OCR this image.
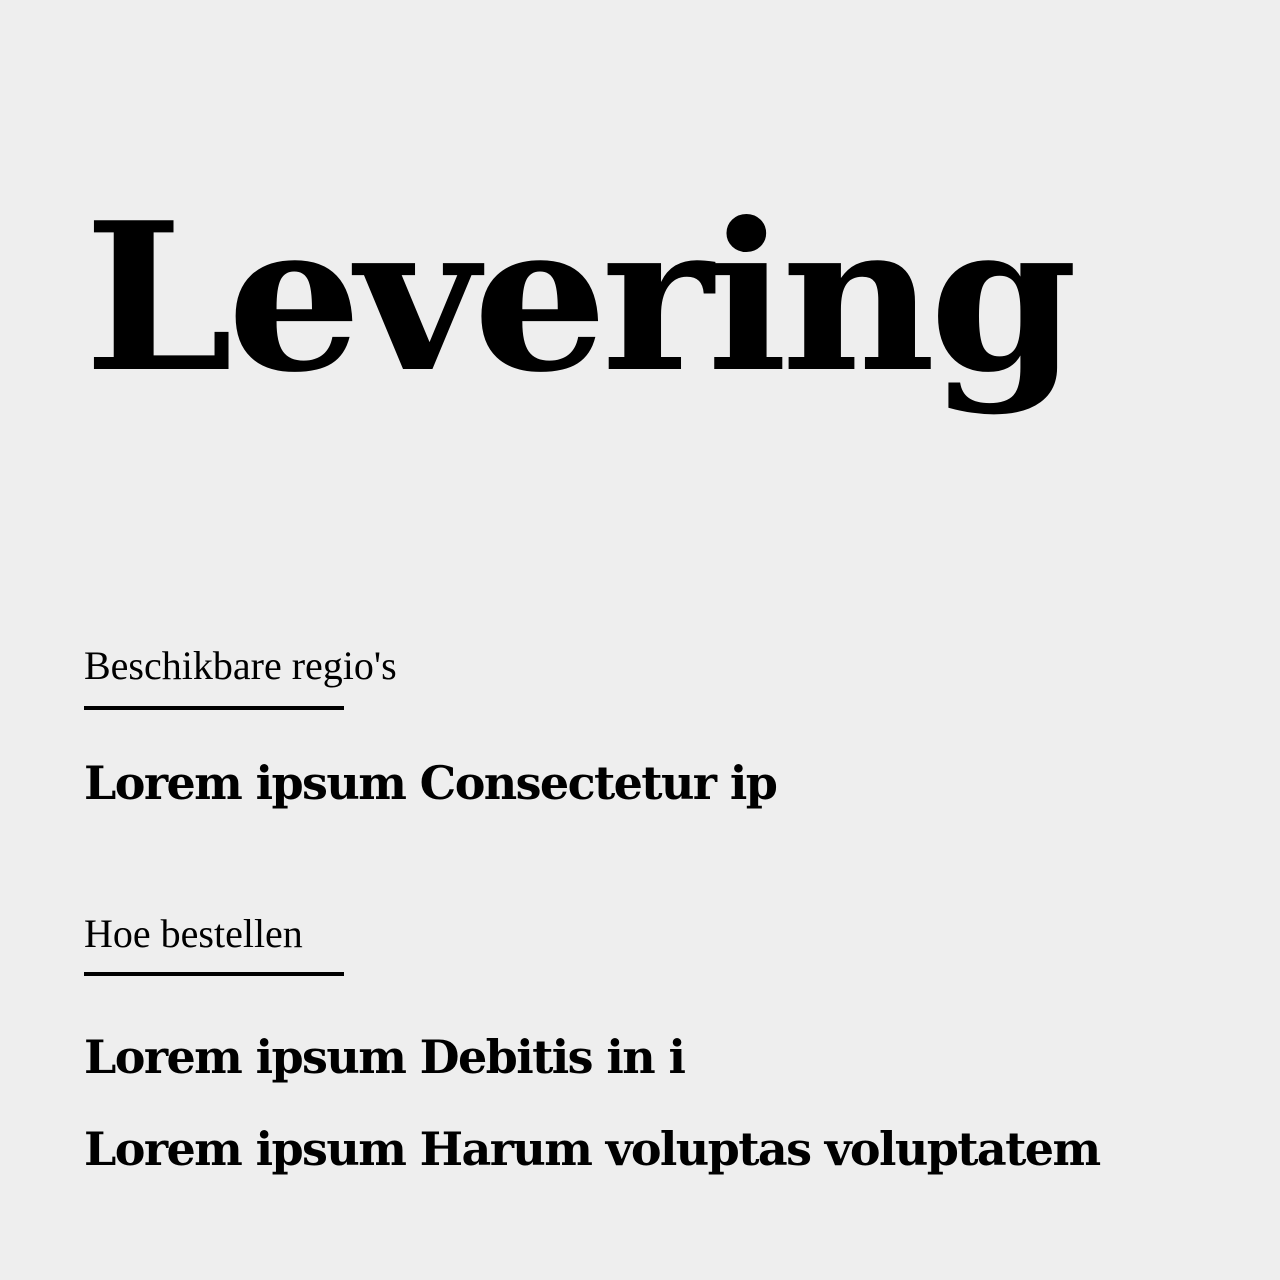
Levering
Beschikbare regio's

Lorem ipsum Consectetur ip

Hoe bestellen

Lorem ipsum Debitis in i

Lorem ipsum Harum voluptas voluptatem
